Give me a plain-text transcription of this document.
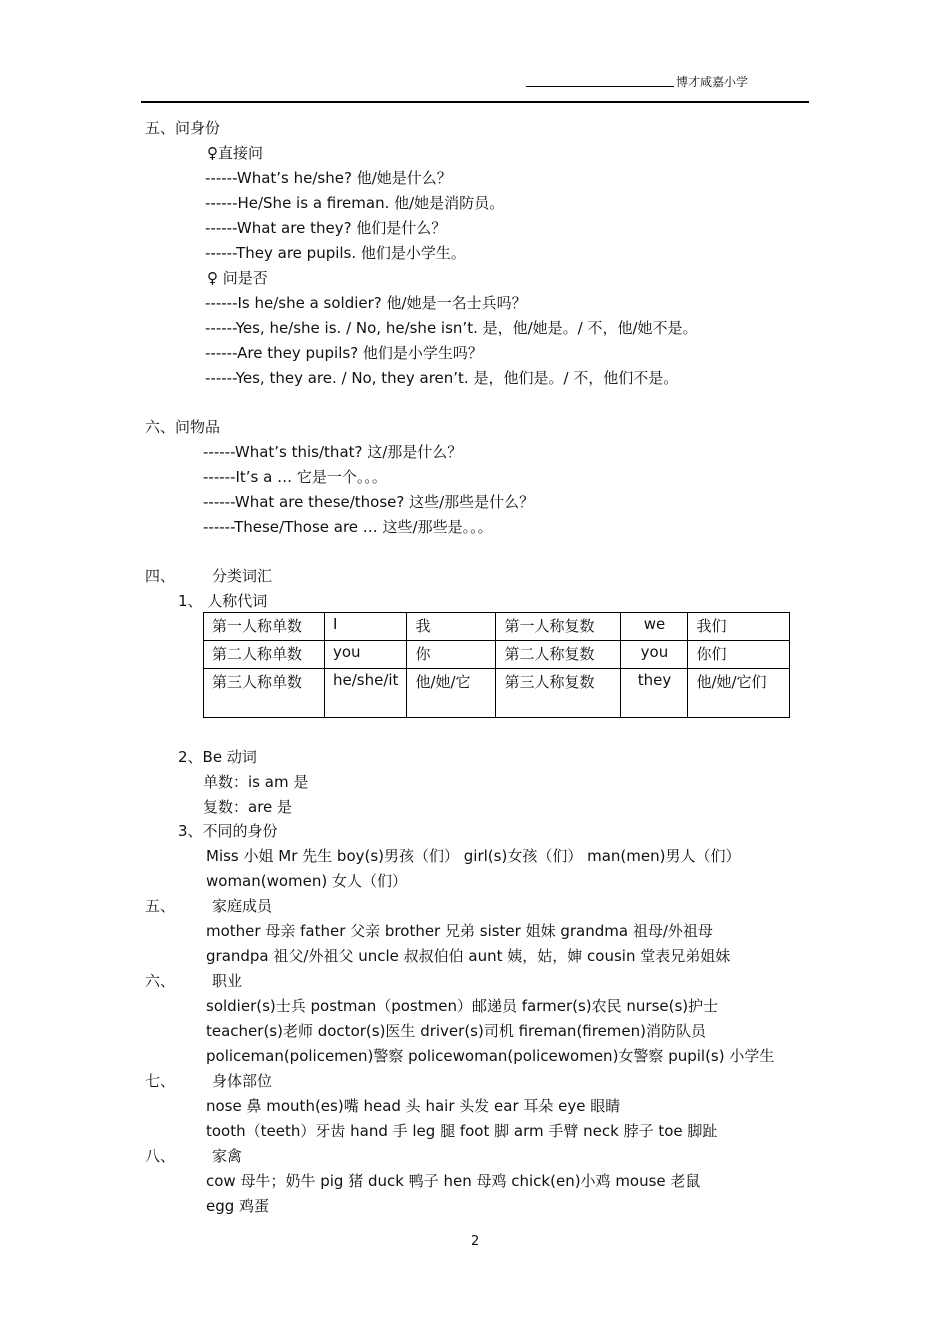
博才咸嘉小学
五、问身份
♀直接问
------What’s he/she? 他/她是什么？
------He/She is a fireman. 他/她是消防员。
------What are they? 他们是什么？
------They are pupils. 他们是小学生。
♀ 问是否
------Is he/she a soldier? 他/她是一名士兵吗？
------Yes, he/she is. / No, he/she isn’t. 是，他/她是。/ 不，他/她不是。
------Are they pupils? 他们是小学生吗？
------Yes, they are. / No, they aren’t. 是，他们是。/ 不，他们不是。
六、问物品
------What’s this/that? 这/那是什么？
------It’s a … 它是一个。。。
------What are these/those? 这些/那些是什么？
------These/Those are … 这些/那些是。。。
四、 分类词汇
1、 人称代词
第一人称单数	I	我	第一人称复数	we	我们
第二人称单数	you	你	第二人称复数	you	你们
第三人称单数	he/she/it	他/她/它	第三人称复数	they	他/她/它们
2、Be 动词
单数：is am 是
复数：are 是
3、不同的身份
Miss 小姐 Mr 先生 boy(s)男孩（们） girl(s)女孩（们） man(men)男人（们）
woman(women) 女人（们）
五、 家庭成员
mother 母亲 father 父亲 brother 兄弟 sister 姐妹 grandma 祖母/外祖母
grandpa 祖父/外祖父 uncle 叔叔伯伯 aunt 姨，姑，婶 cousin 堂表兄弟姐妹
六、 职业
soldier(s)士兵 postman（postmen）邮递员 farmer(s)农民 nurse(s)护士
teacher(s)老师 doctor(s)医生 driver(s)司机 fireman(firemen)消防队员
policeman(policemen)警察 policewoman(policewomen)女警察 pupil(s) 小学生
七、 身体部位
nose 鼻 mouth(es)嘴 head 头 hair 头发 ear 耳朵 eye 眼睛
tooth（teeth）牙齿 hand 手 leg 腿 foot 脚 arm 手臂 neck 脖子 toe 脚趾
八、 家禽
cow 母牛；奶牛 pig 猪 duck 鸭子 hen 母鸡 chick(en)小鸡 mouse 老鼠
egg 鸡蛋
2
